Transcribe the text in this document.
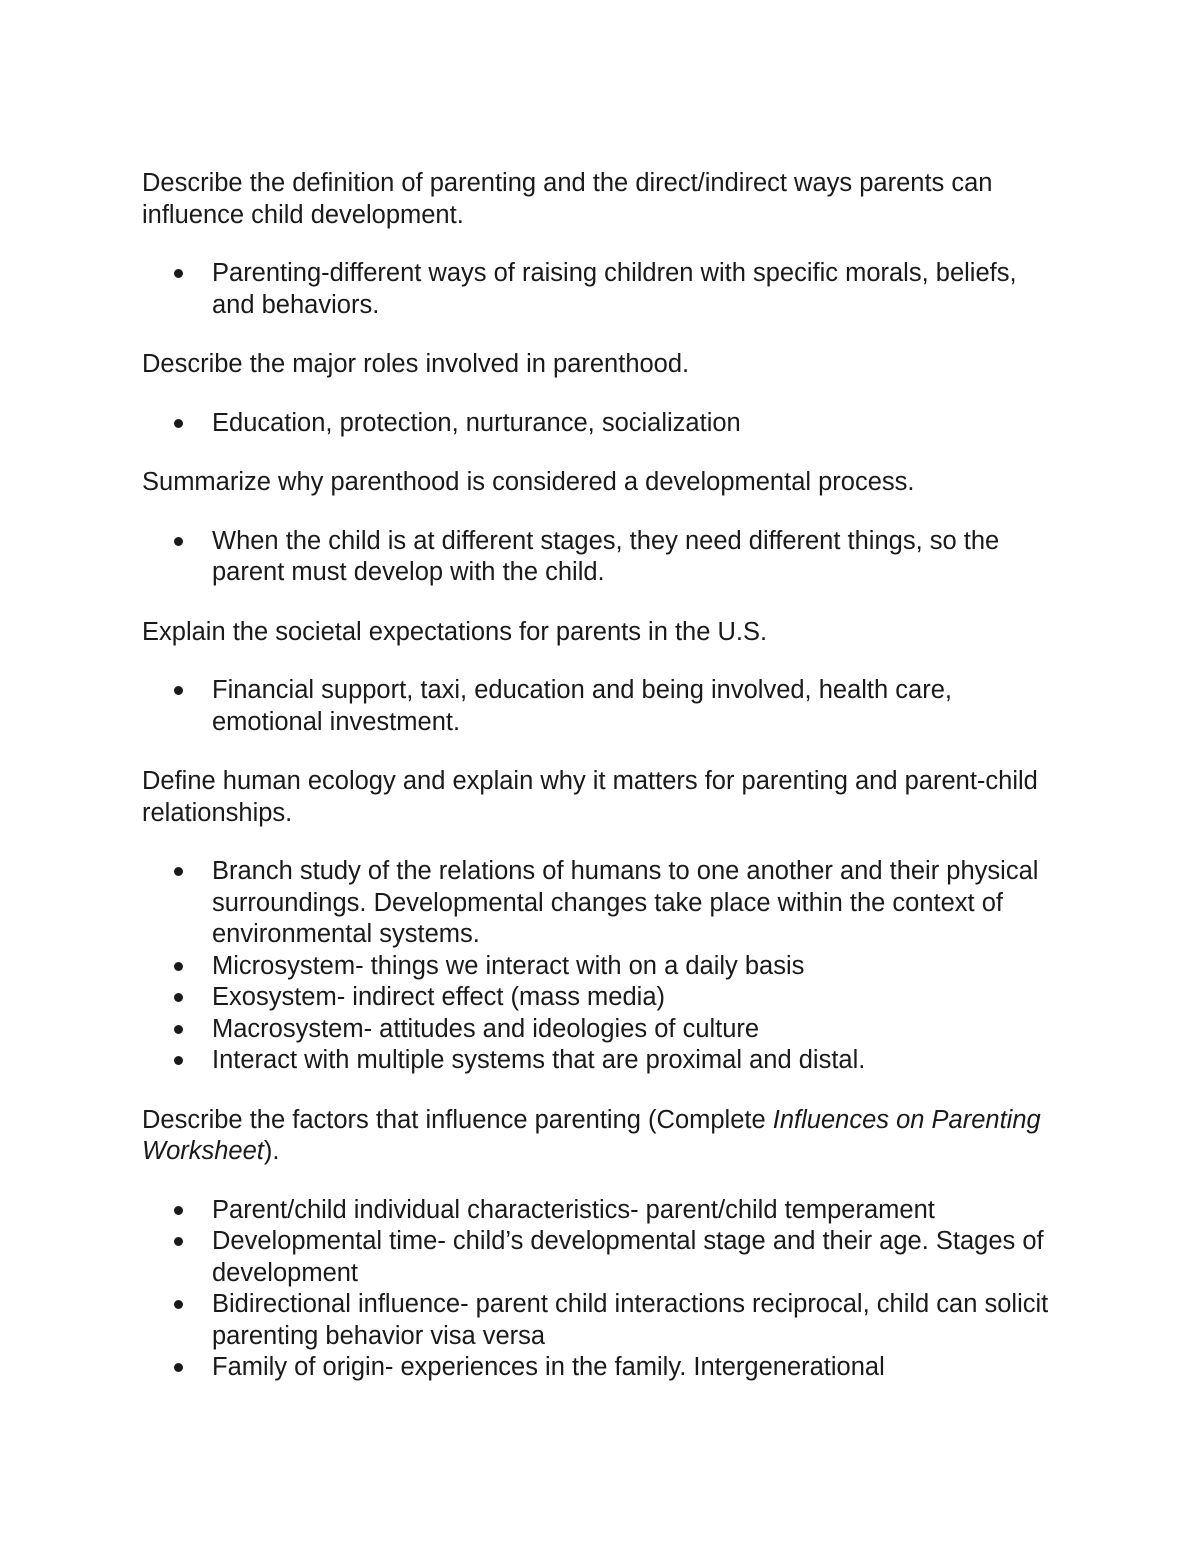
Describe the definition of parenting and the direct/indirect ways parents can influence child development.

Parenting-different ways of raising children with specific morals, beliefs, and behaviors.

Describe the major roles involved in parenthood.

Education, protection, nurturance, socialization

Summarize why parenthood is considered a developmental process.

When the child is at different stages, they need different things, so the parent must develop with the child.

Explain the societal expectations for parents in the U.S.

Financial support, taxi, education and being involved, health care, emotional investment.

Define human ecology and explain why it matters for parenting and parent-child relationships.

Branch study of the relations of humans to one another and their physical surroundings. Developmental changes take place within the context of environmental systems.
Microsystem- things we interact with on a daily basis
Exosystem- indirect effect (mass media)
Macrosystem- attitudes and ideologies of culture
Interact with multiple systems that are proximal and distal.

Describe the factors that influence parenting (Complete Influences on Parenting Worksheet).

Parent/child individual characteristics- parent/child temperament
Developmental time- child’s developmental stage and their age. Stages of development
Bidirectional influence- parent child interactions reciprocal, child can solicit parenting behavior visa versa
Family of origin- experiences in the family. Intergenerational
